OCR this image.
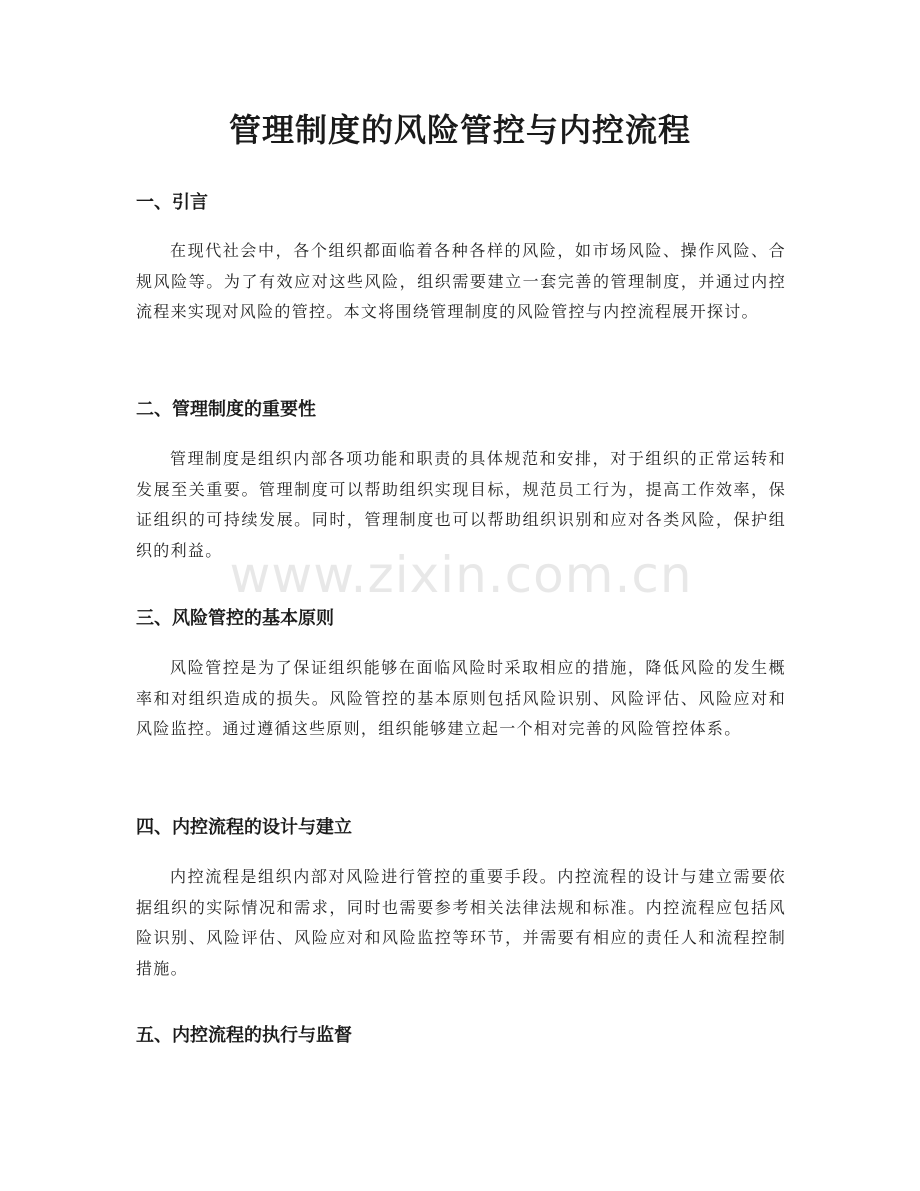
管理制度的风险管控与内控流程
一、引言

在现代社会中，各个组织都面临着各种各样的风险，如市场风险、操作风险、合规风险等。为了有效应对这些风险，组织需要建立一套完善的管理制度，并通过内控流程来实现对风险的管控。本文将围绕管理制度的风险管控与内控流程展开探讨。

二、管理制度的重要性

管理制度是组织内部各项功能和职责的具体规范和安排，对于组织的正常运转和发展至关重要。管理制度可以帮助组织实现目标，规范员工行为，提高工作效率，保证组织的可持续发展。同时，管理制度也可以帮助组织识别和应对各类风险，保护组织的利益。

三、风险管控的基本原则

风险管控是为了保证组织能够在面临风险时采取相应的措施，降低风险的发生概率和对组织造成的损失。风险管控的基本原则包括风险识别、风险评估、风险应对和风险监控。通过遵循这些原则，组织能够建立起一个相对完善的风险管控体系。

四、内控流程的设计与建立

内控流程是组织内部对风险进行管控的重要手段。内控流程的设计与建立需要依据组织的实际情况和需求，同时也需要参考相关法律法规和标准。内控流程应包括风险识别、风险评估、风险应对和风险监控等环节，并需要有相应的责任人和流程控制措施。

五、内控流程的执行与监督
www.zixin.com.cn
